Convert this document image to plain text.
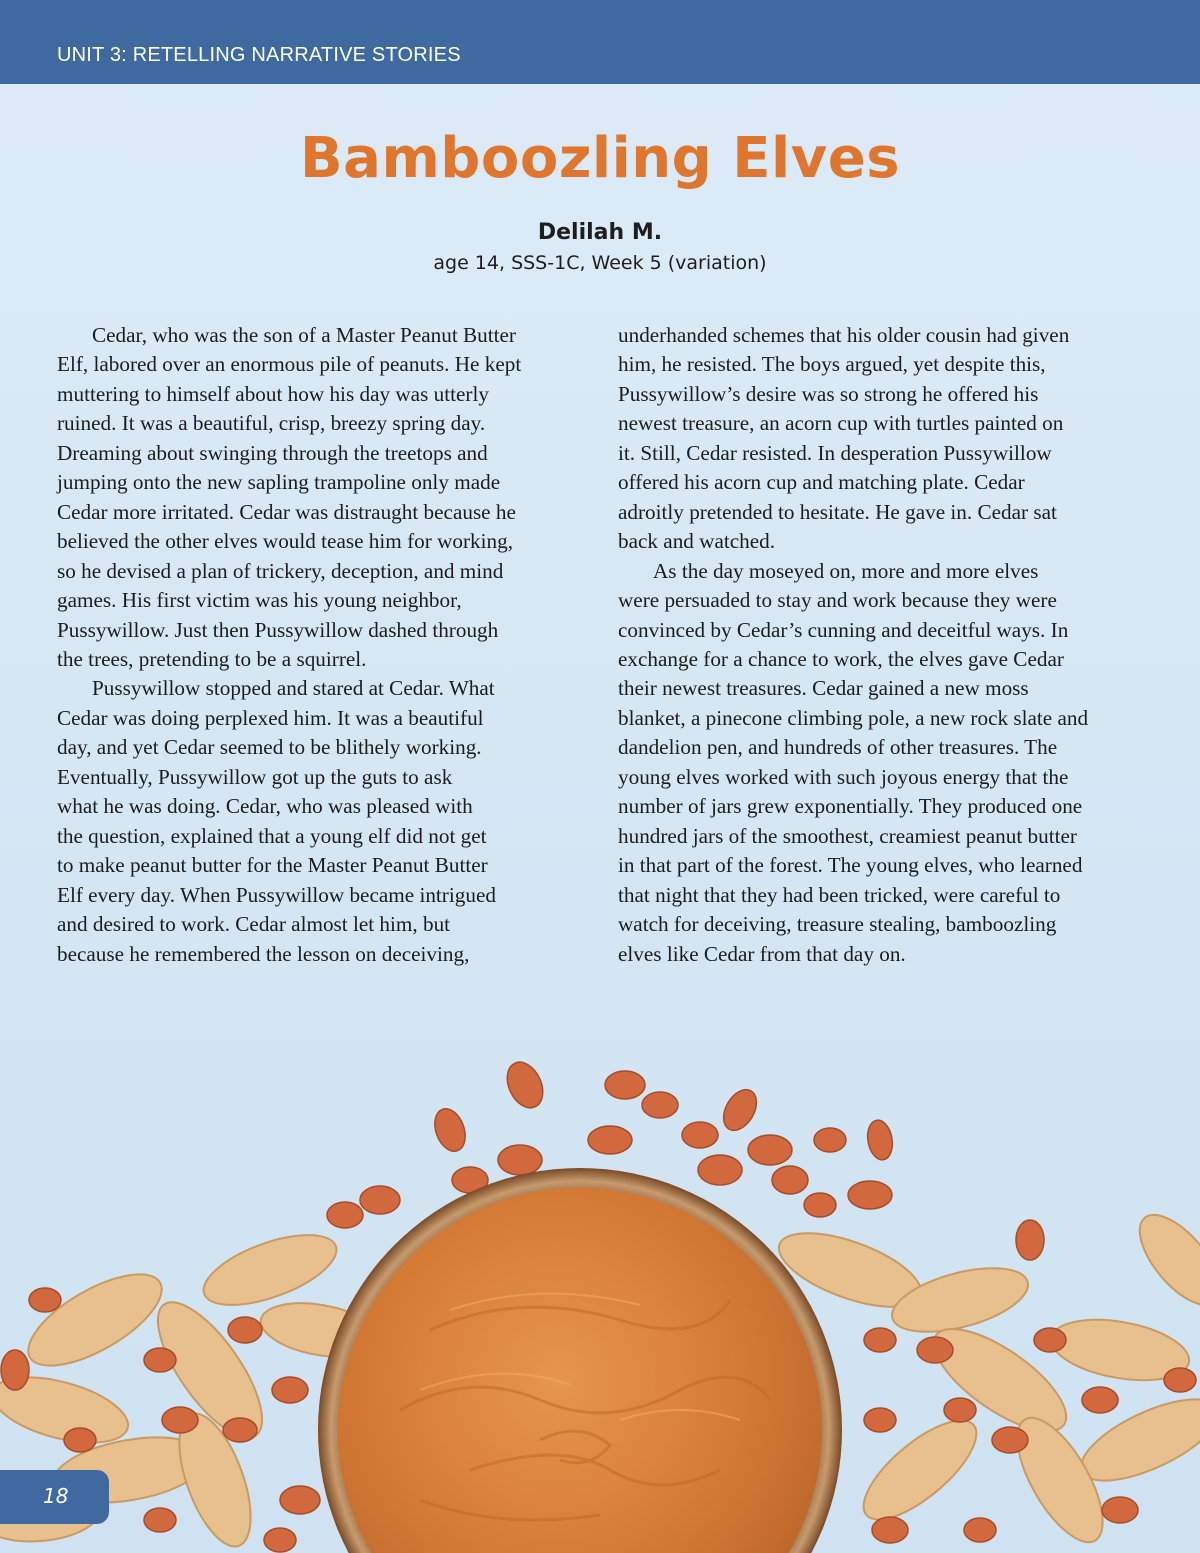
UNIT 3: RETELLING NARRATIVE STORIES
Bamboozling Elves
Delilah M.
age 14, SSS-1C, Week 5 (variation)
Cedar, who was the son of a Master Peanut Butter
Elf, labored over an enormous pile of peanuts. He kept
muttering to himself about how his day was utterly
ruined. It was a beautiful, crisp, breezy spring day.
Dreaming about swinging through the treetops and
jumping onto the new sapling trampoline only made
Cedar more irritated. Cedar was distraught because he
believed the other elves would tease him for working,
so he devised a plan of trickery, deception, and mind
games. His first victim was his young neighbor,
Pussywillow. Just then Pussywillow dashed through
the trees, pretending to be a squirrel.
Pussywillow stopped and stared at Cedar. What
Cedar was doing perplexed him. It was a beautiful
day, and yet Cedar seemed to be blithely working.
Eventually, Pussywillow got up the guts to ask
what he was doing. Cedar, who was pleased with
the question, explained that a young elf did not get
to make peanut butter for the Master Peanut Butter
Elf every day. When Pussywillow became intrigued
and desired to work. Cedar almost let him, but
because he remembered the lesson on deceiving,
underhanded schemes that his older cousin had given
him, he resisted. The boys argued, yet despite this,
Pussywillow’s desire was so strong he offered his
newest treasure, an acorn cup with turtles painted on
it. Still, Cedar resisted. In desperation Pussywillow
offered his acorn cup and matching plate. Cedar
adroitly pretended to hesitate. He gave in. Cedar sat
back and watched.
As the day moseyed on, more and more elves
were persuaded to stay and work because they were
convinced by Cedar’s cunning and deceitful ways. In
exchange for a chance to work, the elves gave Cedar
their newest treasures. Cedar gained a new moss
blanket, a pinecone climbing pole, a new rock slate and
dandelion pen, and hundreds of other treasures. The
young elves worked with such joyous energy that the
number of jars grew exponentially. They produced one
hundred jars of the smoothest, creamiest peanut butter
in that part of the forest. The young elves, who learned
that night that they had been tricked, were careful to
watch for deceiving, treasure stealing, bamboozling
elves like Cedar from that day on.
18
